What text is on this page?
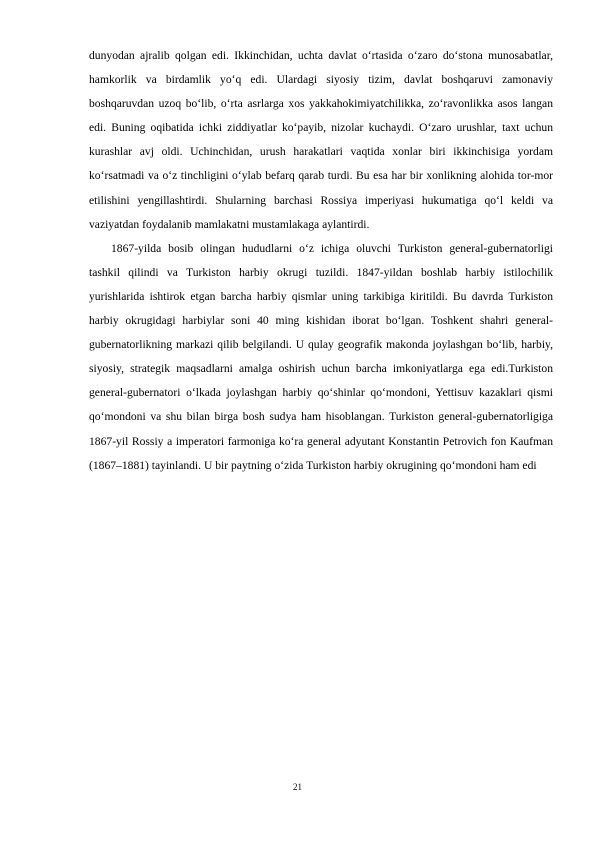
dunyodan ajralib qolgan edi. Ikkinchidan, uchta davlat o‘rtasida o‘zaro do‘stona munosabatlar, hamkorlik va birdamlik yo‘q edi. Ulardagi siyosiy tizim, davlat boshqaruvi zamonaviy boshqaruvdan uzoq bo‘lib, o‘rta asrlarga xos yakkahokimiyatchilikka, zo‘ravonlikka asos langan edi. Buning oqibatida ichki ziddiyatlar ko‘payib, nizolar kuchaydi. O‘zaro urushlar, taxt uchun kurashlar avj oldi. Uchinchidan, urush harakatlari vaqtida xonlar biri ikkinchisiga yordam ko‘rsatmadi va o‘z tinchligini o‘ylab befarq qarab turdi. Bu esa har bir xonlikning alohida tor-mor etilishini yengillashtirdi. Shularning barchasi Rossiya imperiyasi hukumatiga qo‘l keldi va vaziyatdan foydalanib mamlakatni mustamlakaga aylantirdi.

1867-yilda bosib olingan hududlarni o‘z ichiga oluvchi Turkiston general-gubernatorligi tashkil qilindi va Turkiston harbiy okrugi tuzildi. 1847-yildan boshlab harbiy istilochilik yurishlarida ishtirok etgan barcha harbiy qismlar uning tarkibiga kiritildi. Bu davrda Turkiston harbiy okrugidagi harbiylar soni 40 ming kishidan iborat bo‘lgan. Toshkent shahri general-gubernatorlikning markazi qilib belgilandi. U qulay geografik makonda joylashgan bo‘lib, harbiy, siyosiy, strategik maqsadlarni amalga oshirish uchun barcha imkoniyatlarga ega edi.Turkiston general-gubernatori o‘lkada joylashgan harbiy qo‘shinlar qo‘mondoni, Yettisuv kazaklari qismi qo‘mondoni va shu bilan birga bosh sudya ham hisoblangan. Turkiston general-gubernatorligiga 1867-yil Rossiy a imperatori farmoniga ko‘ra general adyutant Konstantin Petrovich fon Kaufman (1867–1881) tayinlandi. U bir paytning o‘zida Turkiston harbiy okrugining qo‘mondoni ham edi

21
